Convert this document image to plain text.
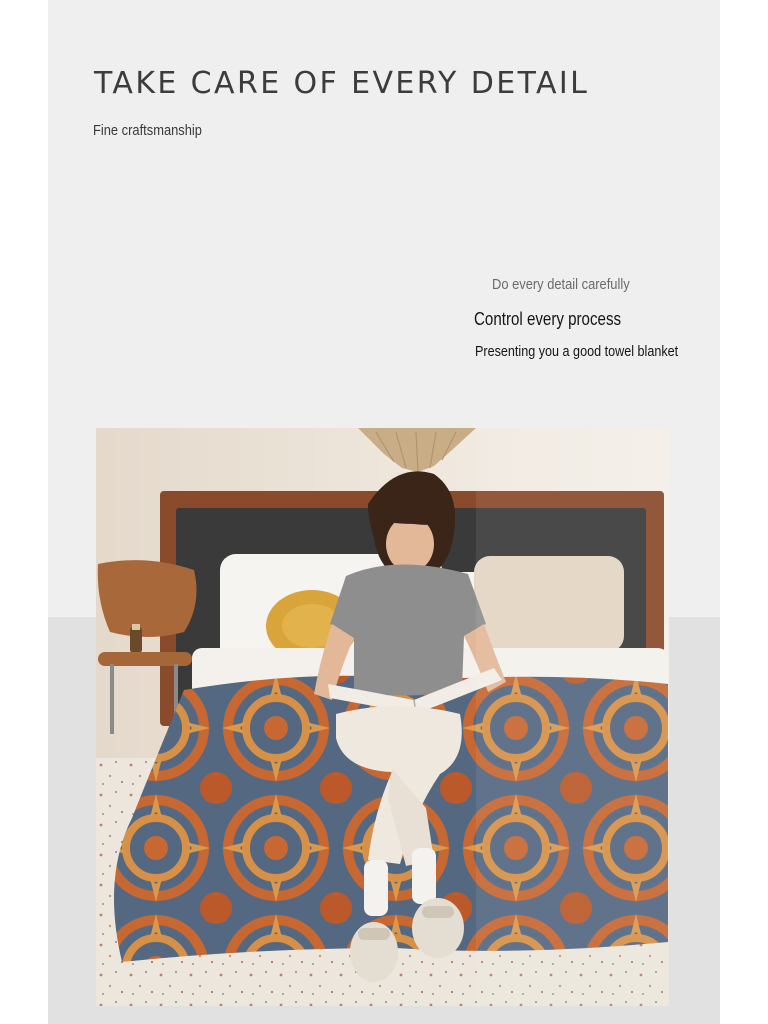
TAKE CARE OF EVERY DETAIL
Fine craftsmanship
Do every detail carefully
Control every process
Presenting you a good towel blanket
